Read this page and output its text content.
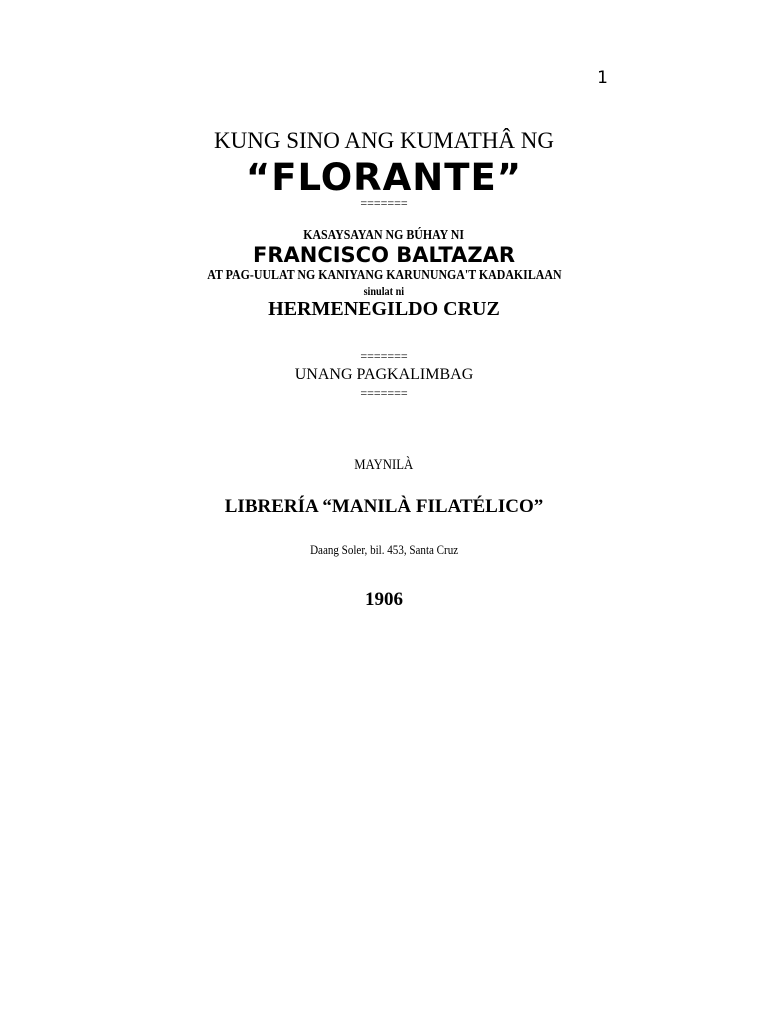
1
KUNG SINO ANG KUMATHÂ NG
“FLORANTE”
=======
KASAYSAYAN NG BÚHAY NI
FRANCISCO BALTAZAR
AT PAG-UULAT NG KANIYANG KARUNUNGA'T KADAKILAAN
sinulat ni
HERMENEGILDO CRUZ
=======
UNANG PAGKALIMBAG
=======
MAYNILÀ
LIBRERÍA “MANILÀ FILATÉLICO”
Daang Soler, bil. 453, Santa Cruz
1906
